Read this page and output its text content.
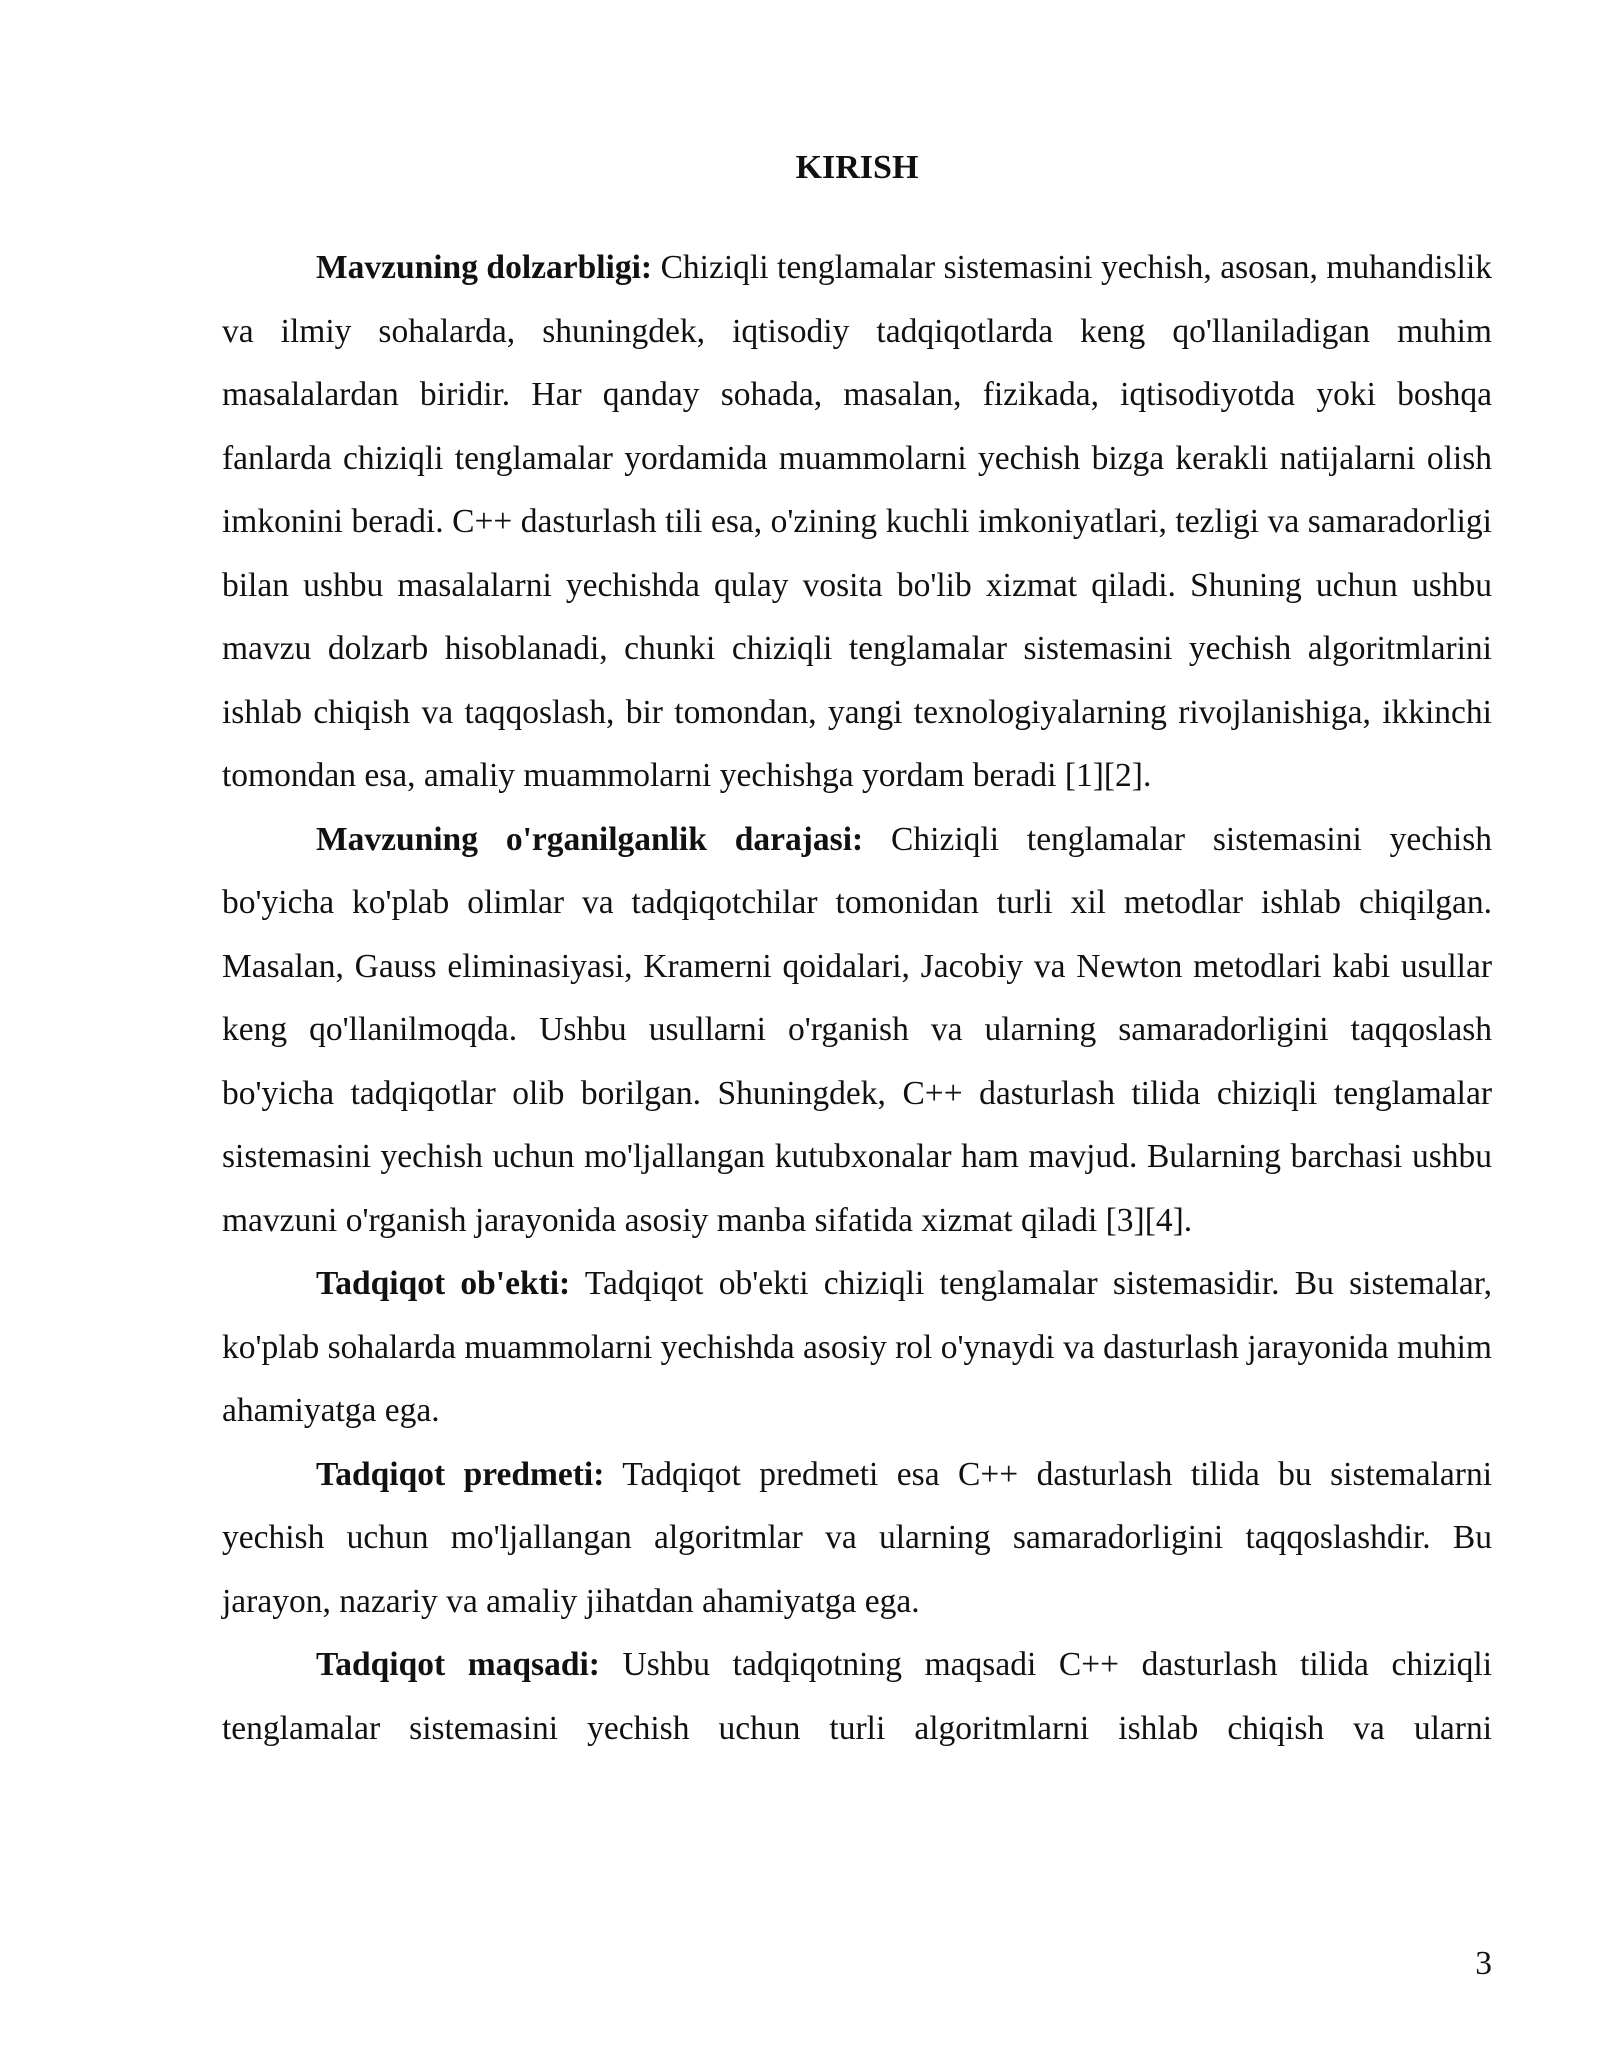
KIRISH

Mavzuning dolzarbligi: Chiziqli tenglamalar sistemasini yechish, asosan, muhandislik va ilmiy sohalarda, shuningdek, iqtisodiy tadqiqotlarda keng qo'llaniladigan muhim masalalardan biridir. Har qanday sohada, masalan, fizikada, iqtisodiyotda yoki boshqa fanlarda chiziqli tenglamalar yordamida muammolarni yechish bizga kerakli natijalarni olish imkonini beradi. C++ dasturlash tili esa, o'zining kuchli imkoniyatlari, tezligi va samaradorligi bilan ushbu masalalarni yechishda qulay vosita bo'lib xizmat qiladi. Shuning uchun ushbu mavzu dolzarb hisoblanadi, chunki chiziqli tenglamalar sistemasini yechish algoritmlarini ishlab chiqish va taqqoslash, bir tomondan, yangi texnologiyalarning rivojlanishiga, ikkinchi tomondan esa, amaliy muammolarni yechishga yordam beradi [1][2].

Mavzuning o'rganilganlik darajasi: Chiziqli tenglamalar sistemasini yechish bo'yicha ko'plab olimlar va tadqiqotchilar tomonidan turli xil metodlar ishlab chiqilgan. Masalan, Gauss eliminasiyasi, Kramerni qoidalari, Jacobiy va Newton metodlari kabi usullar keng qo'llanilmoqda. Ushbu usullarni o'rganish va ularning samaradorligini taqqoslash bo'yicha tadqiqotlar olib borilgan. Shuningdek, C++ dasturlash tilida chiziqli tenglamalar sistemasini yechish uchun mo'ljallangan kutubxonalar ham mavjud. Bularning barchasi ushbu mavzuni o'rganish jarayonida asosiy manba sifatida xizmat qiladi [3][4].

Tadqiqot ob'ekti: Tadqiqot ob'ekti chiziqli tenglamalar sistemasidir. Bu sistemalar, ko'plab sohalarda muammolarni yechishda asosiy rol o'ynaydi va dasturlash jarayonida muhim ahamiyatga ega.

Tadqiqot predmeti: Tadqiqot predmeti esa C++ dasturlash tilida bu sistemalarni yechish uchun mo'ljallangan algoritmlar va ularning samaradorligini taqqoslashdir. Bu jarayon, nazariy va amaliy jihatdan ahamiyatga ega.

Tadqiqot maqsadi: Ushbu tadqiqotning maqsadi C++ dasturlash tilida chiziqli tenglamalar sistemasini yechish uchun turli algoritmlarni ishlab chiqish va ularni

3
